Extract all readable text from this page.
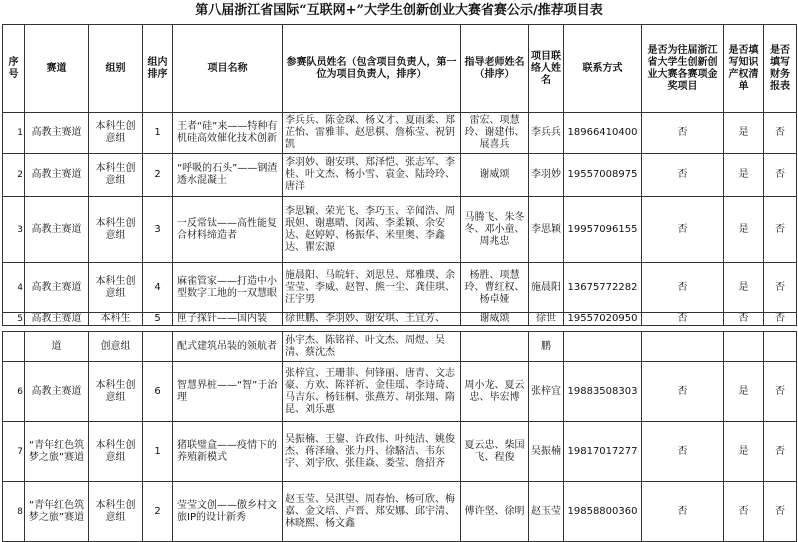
第八届浙江省国际“互联网+”大学生创新创业大赛省赛公示/推荐项目表
序号	赛道	组别	组内排序	项目名称	参赛队员姓名（包含项目负责人，第一位为项目负责人，排序）	指导老师姓名（排序）	项目联络人姓名	联系方式	是否为往届浙江省大学生创新创业大赛各赛项金奖项目	是否填写知识产权清单	是否填写财务报表
1	高教主赛道	本科生创意组	1	王者“硅”来——特种有机硅高效催化技术创新	李兵兵、陈金琛、杨义才、夏雨柔、郑芷怡、雷雅菲、赵思棋、詹栋莹、祝钥凯	雷宏、项慧玲、谢建伟、展喜兵	李兵兵	18966410400	否	是	否
2	高教主赛道	本科生创意组	2	“呼吸的石头”——钢渣透水混凝土	李羽妙、谢安琪、郑泽恺、张志军、李桂、叶文杰、杨小雪、袁金、陆玲玲、唐洋	谢威颂	李羽妙	19557008975	否	是	否
3	高教主赛道	本科生创意组	3	一反常钛——高性能复合材料缔造者	李思颖、荣光飞、李巧玉、辛闻浩、周珉妲、谢惠晴、闵茜、李柔颖、余安达、赵婷婷、杨振华、米里奥、李鑫达、瞿宏源	马腾飞、朱冬冬、邓小童、周兆忠	李思颖	19957096155	否	是	否
4	高教主赛道	本科生创意组	4	麻雀管家——打造中小型数字工地的一双慧眼	施晨阳、马皖轩、刘思昱、郑雅璞、余莹莹、李威、赵智、熊一尘、龚佳琪、汪宇男	杨胜、项慧玲、曹红权、杨卓娅	施晨阳	13675772282	否	是	否
5	高教主赛道	本科生	5	匣子探针——国内装	徐世鹏、李羽妙、谢安琪、王宜芳、	谢威颂	徐世	19557020950	否	否	否
	道	创意组		配式建筑吊装的领航者	孙宇杰、陈铭祥、叶文杰、周煜、吴清、蔡沈杰		鹏				
6	高教主赛道	本科生创意组	6	智慧界桩——“智”于治理	张梓宜、王珊菲、何锋丽、唐青、文志豪、方欢、陈祥祈、金佳瑶、李诗琦、马吉东、杨钰桐、张燕芳、胡张翔、隋昆、刘乐惠	周小龙、夏云忠、毕宏博	张梓宜	19883508303	否	是	否
7	“青年红色筑梦之旅”赛道	本科生创意组	1	猪联璧盒——疫情下的养殖新模式	吴振楠、王鋆、许政伟、叶纯洁、姚俊杰、蒋泽瑜、张力丹、徐駱洁、韦东宇、刘宇欣、张佳焱、娄莹、詹招齐	夏云忠、柴国飞、程俊	吴振楠	19817017277	否	是	否
8	“青年红色筑梦之旅”赛道	本科生创意组	2	莹莹文创——傲乡村文旅IP的设计新秀	赵玉莹、吴淇望、周春怡、杨可欣、梅嘉、金文培、卢晋、郑安娜、邱宇清、林晓熙、杨文鑫	傅许坚、徐明	赵玉莹	19858800360	否	否	否
